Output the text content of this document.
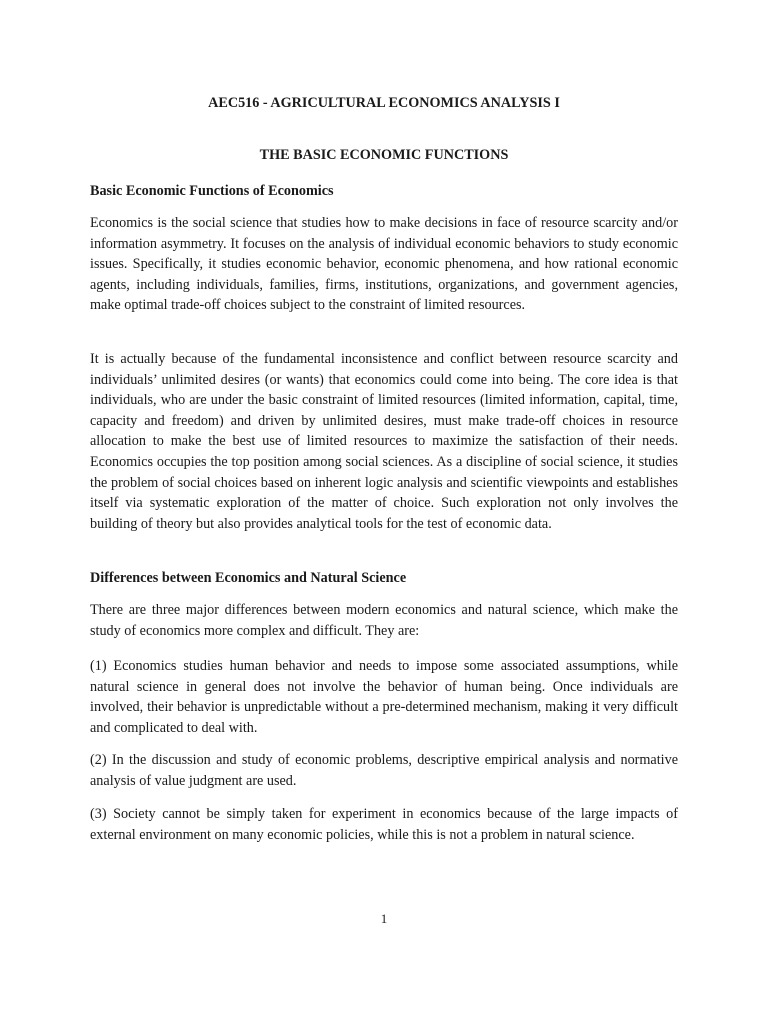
AEC516 - AGRICULTURAL ECONOMICS ANALYSIS I

THE BASIC ECONOMIC FUNCTIONS

Basic Economic Functions of Economics

Economics is the social science that studies how to make decisions in face of resource scarcity and/or information asymmetry. It focuses on the analysis of individual economic behaviors to study economic issues. Specifically, it studies economic behavior, economic phenomena, and how rational economic agents, including individuals, families, firms, institutions, organizations, and government agencies, make optimal trade-off choices subject to the constraint of limited resources.

It is actually because of the fundamental inconsistence and conflict between resource scarcity and individuals’ unlimited desires (or wants) that economics could come into being. The core idea is that individuals, who are under the basic constraint of limited resources (limited information, capital, time, capacity and freedom) and driven by unlimited desires, must make trade-off choices in resource allocation to make the best use of limited resources to maximize the satisfaction of their needs. Economics occupies the top position among social sciences. As a discipline of social science, it studies the problem of social choices based on inherent logic analysis and scientific viewpoints and establishes itself via systematic exploration of the matter of choice. Such exploration not only involves the building of theory but also provides analytical tools for the test of economic data.

Differences between Economics and Natural Science

There are three major differences between modern economics and natural science, which make the study of economics more complex and difficult. They are:

(1) Economics studies human behavior and needs to impose some associated assumptions, while natural science in general does not involve the behavior of human being. Once individuals are involved, their behavior is unpredictable without a pre-determined mechanism, making it very difficult and complicated to deal with.

(2) In the discussion and study of economic problems, descriptive empirical analysis and normative analysis of value judgment are used.

(3) Society cannot be simply taken for experiment in economics because of the large impacts of external environment on many economic policies, while this is not a problem in natural science.

1
